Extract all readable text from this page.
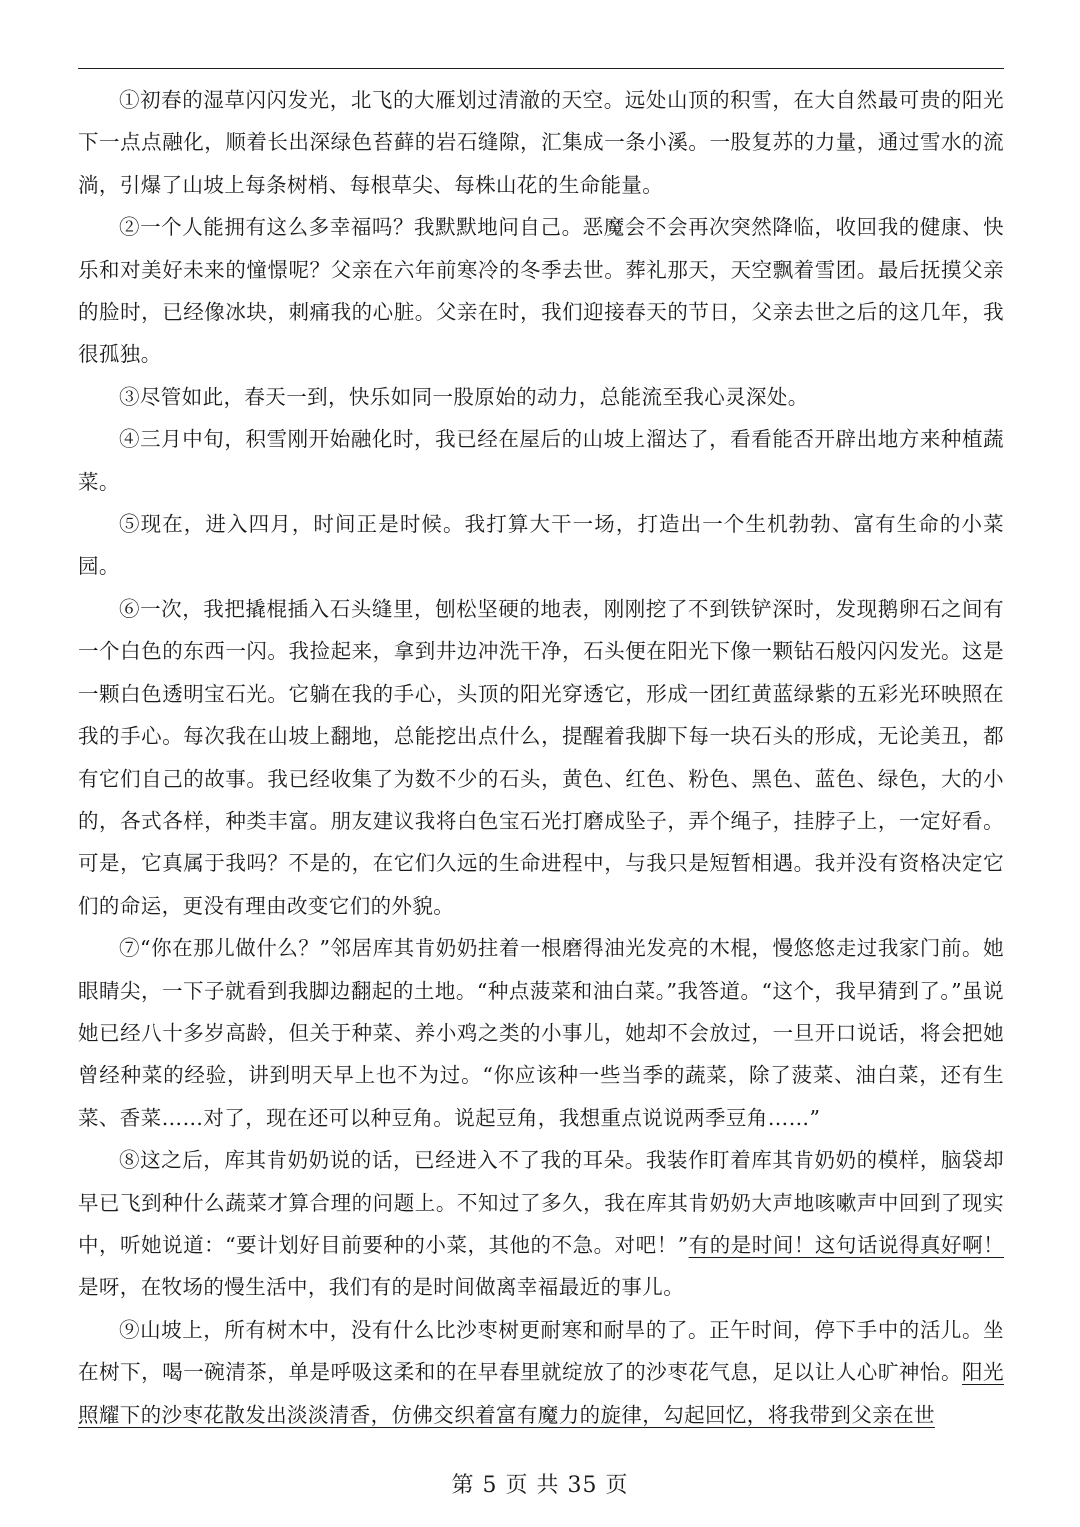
①初春的湿草闪闪发光，北飞的大雁划过清澈的天空。远处山顶的积雪，在大自然最可贵的阳光下一点点融化，顺着长出深绿色苔藓的岩石缝隙，汇集成一条小溪。一股复苏的力量，通过雪水的流淌，引爆了山坡上每条树梢、每根草尖、每株山花的生命能量。

②一个人能拥有这么多幸福吗？我默默地问自己。恶魔会不会再次突然降临，收回我的健康、快乐和对美好未来的憧憬呢？父亲在六年前寒冷的冬季去世。葬礼那天，天空飘着雪团。最后抚摸父亲的脸时，已经像冰块，刺痛我的心脏。父亲在时，我们迎接春天的节日，父亲去世之后的这几年，我很孤独。

③尽管如此，春天一到，快乐如同一股原始的动力，总能流至我心灵深处。

④三月中旬，积雪刚开始融化时，我已经在屋后的山坡上溜达了，看看能否开辟出地方来种植蔬菜。

⑤现在，进入四月，时间正是时候。我打算大干一场，打造出一个生机勃勃、富有生命的小菜园。

⑥一次，我把撬棍插入石头缝里，刨松坚硬的地表，刚刚挖了不到铁铲深时，发现鹅卵石之间有一个白色的东西一闪。我捡起来，拿到井边冲洗干净，石头便在阳光下像一颗钻石般闪闪发光。这是一颗白色透明宝石光。它躺在我的手心，头顶的阳光穿透它，形成一团红黄蓝绿紫的五彩光环映照在我的手心。每次我在山坡上翻地，总能挖出点什么，提醒着我脚下每一块石头的形成，无论美丑，都有它们自己的故事。我已经收集了为数不少的石头，黄色、红色、粉色、黑色、蓝色、绿色，大的小的，各式各样，种类丰富。朋友建议我将白色宝石光打磨成坠子，弄个绳子，挂脖子上，一定好看。可是，它真属于我吗？不是的，在它们久远的生命进程中，与我只是短暂相遇。我并没有资格决定它们的命运，更没有理由改变它们的外貌。

⑦“你在那儿做什么？”邻居库其肯奶奶拄着一根磨得油光发亮的木棍，慢悠悠走过我家门前。她眼睛尖，一下子就看到我脚边翻起的土地。“种点菠菜和油白菜。”我答道。“这个，我早猜到了。”虽说她已经八十多岁高龄，但关于种菜、养小鸡之类的小事儿，她却不会放过，一旦开口说话，将会把她曾经种菜的经验，讲到明天早上也不为过。“你应该种一些当季的蔬菜，除了菠菜、油白菜，还有生菜、香菜……对了，现在还可以种豆角。说起豆角，我想重点说说两季豆角……”

⑧这之后，库其肯奶奶说的话，已经进入不了我的耳朵。我装作盯着库其肯奶奶的模样，脑袋却早已飞到种什么蔬菜才算合理的问题上。不知过了多久，我在库其肯奶奶大声地咳嗽声中回到了现实中，听她说道：“要计划好目前要种的小菜，其他的不急。对吧！”有的是时间！这句话说得真好啊！是呀，在牧场的慢生活中，我们有的是时间做离幸福最近的事儿。

⑨山坡上，所有树木中，没有什么比沙枣树更耐寒和耐旱的了。正午时间，停下手中的活儿。坐在树下，喝一碗清茶，单是呼吸这柔和的在早春里就绽放了的沙枣花气息，足以让人心旷神怡。阳光照耀下的沙枣花散发出淡淡清香，仿佛交织着富有魔力的旋律，勾起回忆，将我带到父亲在世

第 5 页 共 35 页
